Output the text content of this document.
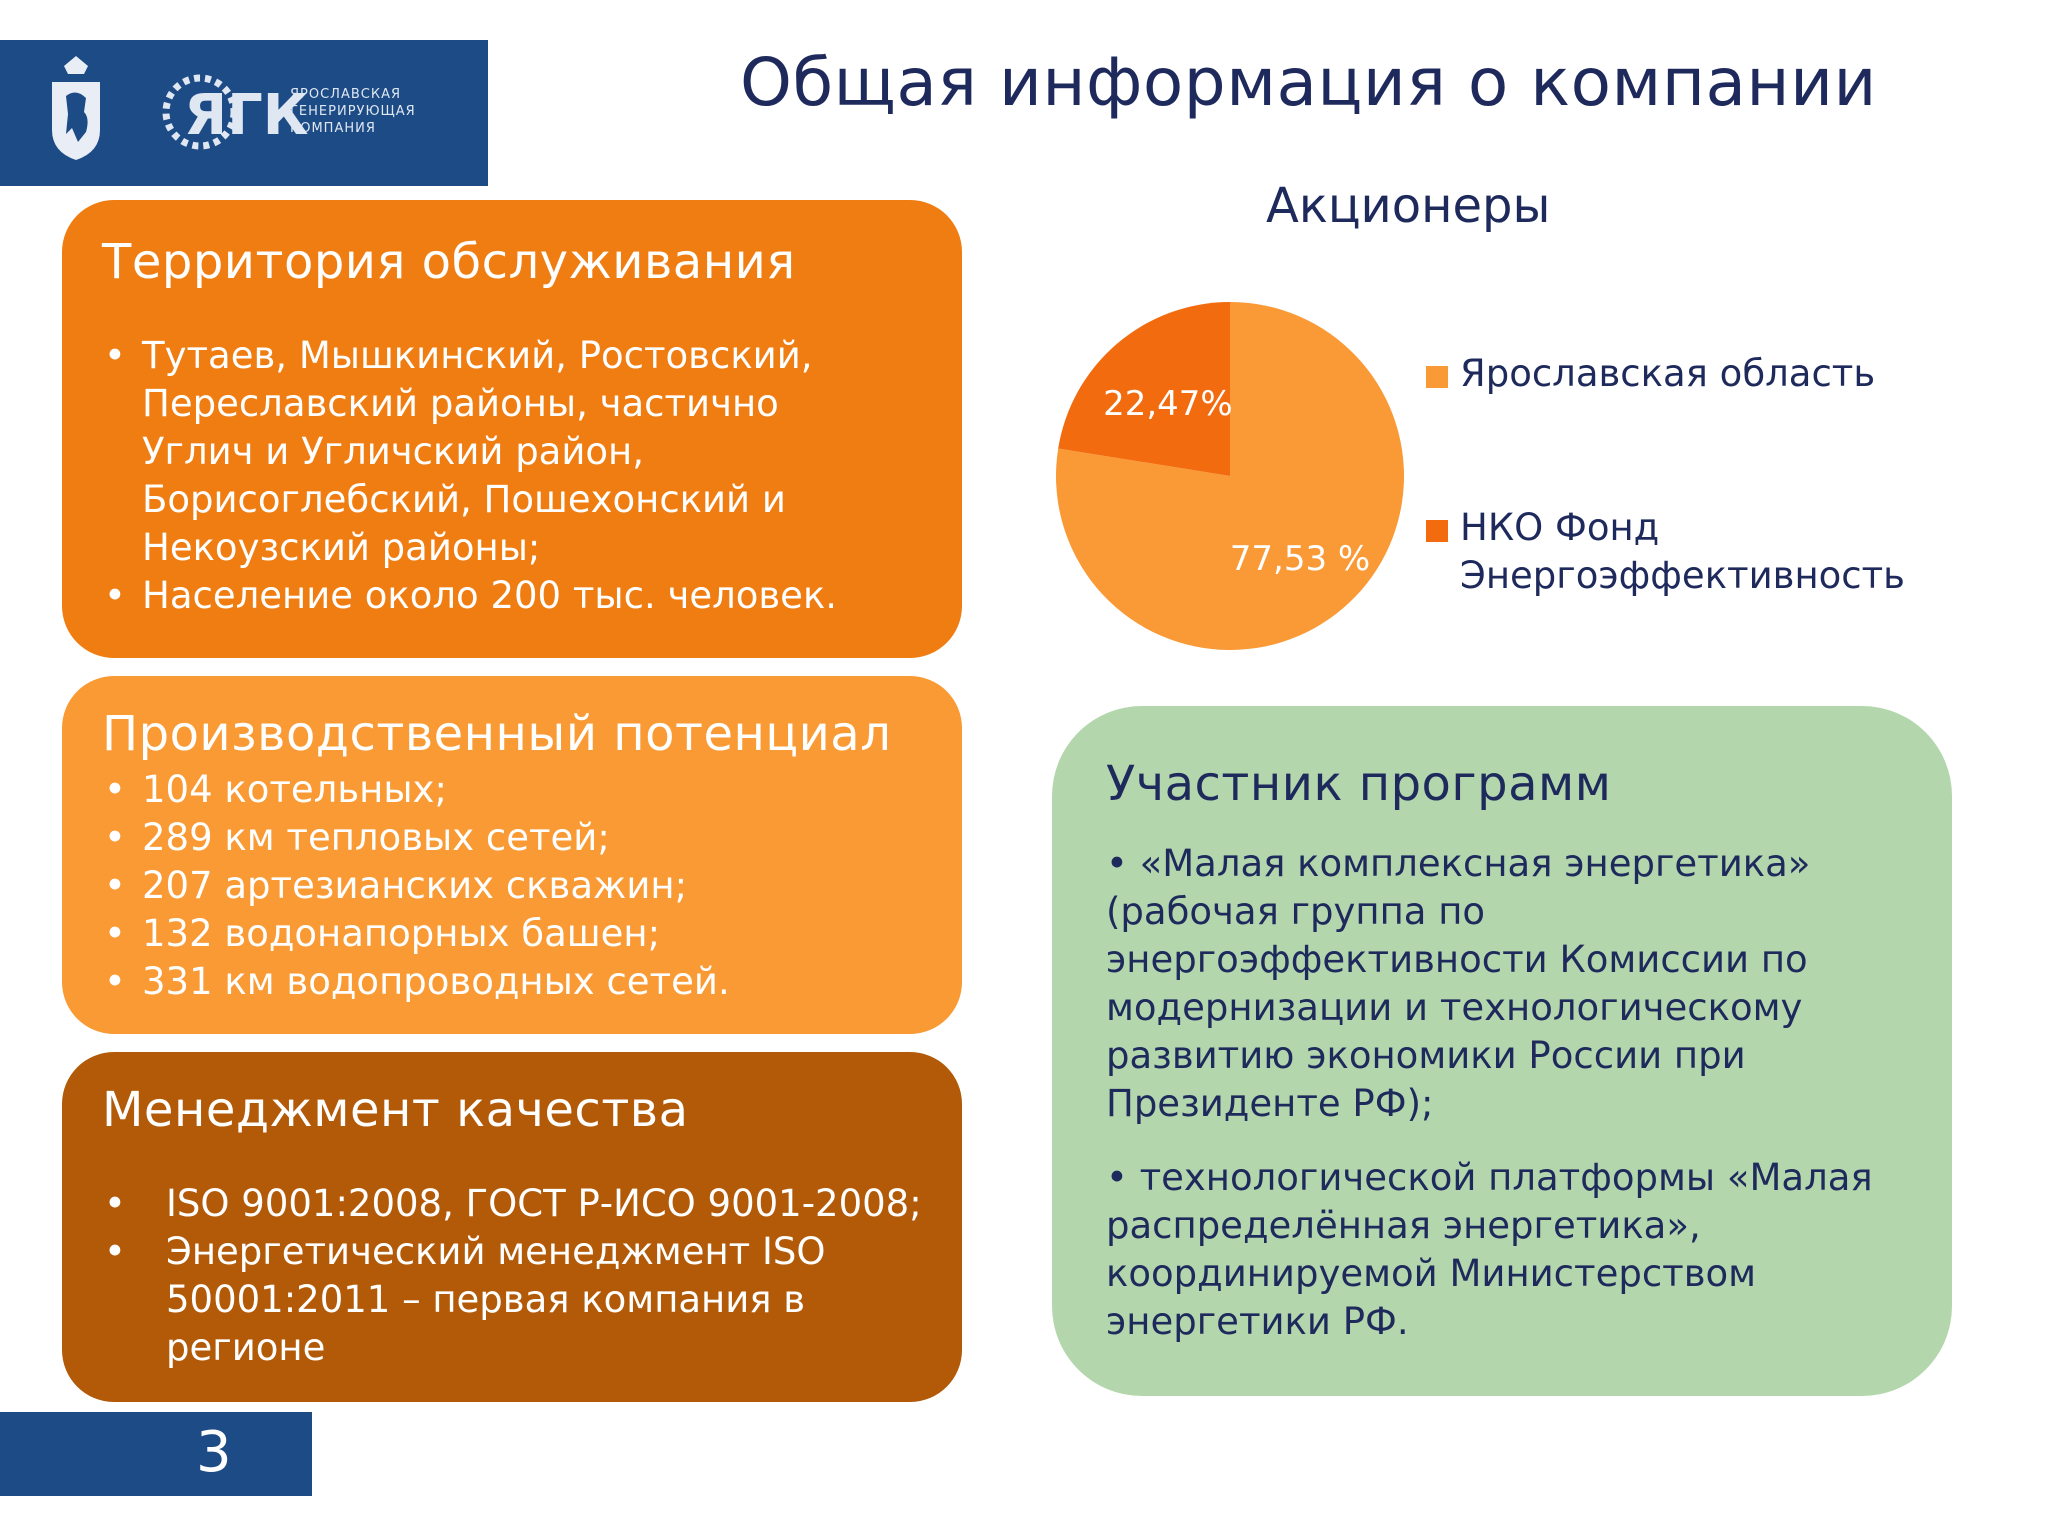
ЯГК
ЯРОСЛАВСКАЯ
ГЕНЕРИРУЮЩАЯ
КОМПАНИЯ
Общая информация о компании
Территория обслуживания
• Тутаев, Мышкинский, Ростовский,
Переславский районы, частично
Углич и Угличский район,
Борисоглебский, Пошехонский и
Некоузский районы;
• Население около 200 тыс. человек.
Производственный потенциал
• 104 котельных;
• 289 км тепловых сетей;
• 207 артезианских скважин;
• 132 водонапорных башен;
• 331 км водопроводных сетей.
Менеджмент качества
• ISO 9001:2008, ГОСТ Р-ИСО 9001-2008;
• Энергетический менеджмент ISO
50001:2011 – первая компания в
регионе
Акционеры
77,53 %
22,47%
Ярославская область
НКО Фонд Энергоэффективность
Участник программ
• «Малая комплексная энергетика»
(рабочая группа по
энергоэффективности Комиссии по
модернизации и технологическому
развитию экономики России при
Президенте РФ);
• технологической платформы «Малая
распределённая энергетика»,
координируемой Министерством
энергетики РФ.
3
